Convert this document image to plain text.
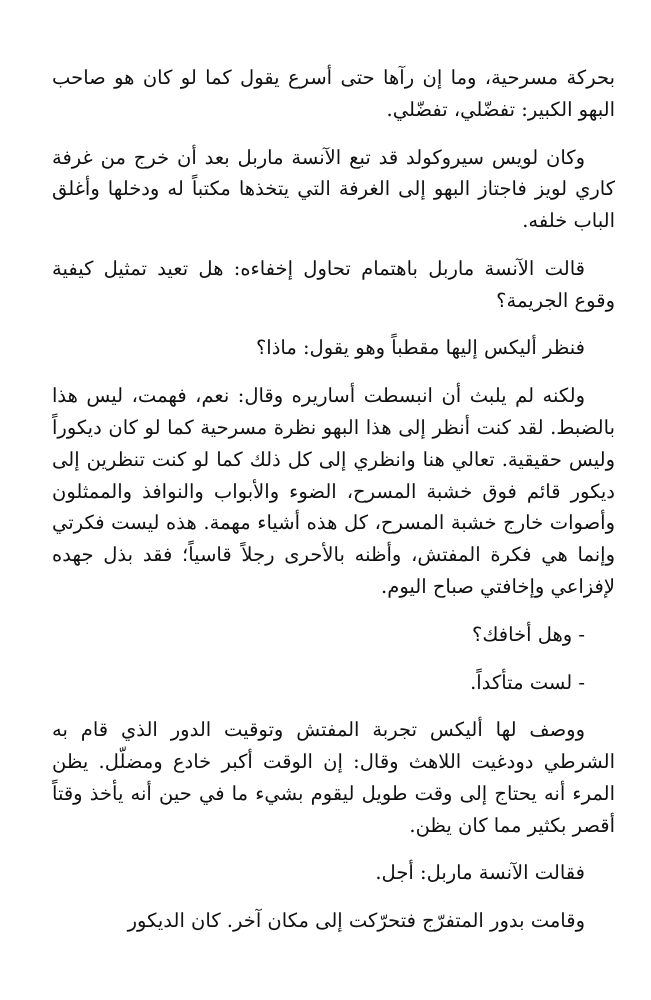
بحركة مسرحية، وما إن رآها حتى أسرع يقول كما لو كان هو صاحب البهو الكبير: تفضّلي، تفضّلي.

وكان لويس سيروكولد قد تبع الآنسة ماربل بعد أن خرج من غرفة كاري لويز فاجتاز البهو إلى الغرفة التي يتخذها مكتباً له ودخلها وأغلق الباب خلفه.

قالت الآنسة ماربل باهتمام تحاول إخفاءه: هل تعيد تمثيل كيفية وقوع الجريمة؟

فنظر أليكس إليها مقطباً وهو يقول: ماذا؟

ولكنه لم يلبث أن انبسطت أساريره وقال: نعم، فهمت، ليس هذا بالضبط. لقد كنت أنظر إلى هذا البهو نظرة مسرحية كما لو كان ديكوراً وليس حقيقية. تعالي هنا وانظري إلى كل ذلك كما لو كنت تنظرين إلى ديكور قائم فوق خشبة المسرح، الضوء والأبواب والنوافذ والممثلون وأصوات خارج خشبة المسرح، كل هذه أشياء مهمة. هذه ليست فكرتي وإنما هي فكرة المفتش، وأظنه بالأحرى رجلاً قاسياً؛ فقد بذل جهده لإفزاعي وإخافتي صباح اليوم.

- وهل أخافك؟

- لست متأكداً.

ووصف لها أليكس تجربة المفتش وتوقيت الدور الذي قام به الشرطي دودغيت اللاهث وقال: إن الوقت أكبر خادع ومضلّل. يظن المرء أنه يحتاج إلى وقت طويل ليقوم بشيء ما في حين أنه يأخذ وقتاً أقصر بكثير مما كان يظن.

فقالت الآنسة ماربل: أجل.

وقامت بدور المتفرّج فتحرّكت إلى مكان آخر. كان الديكور
